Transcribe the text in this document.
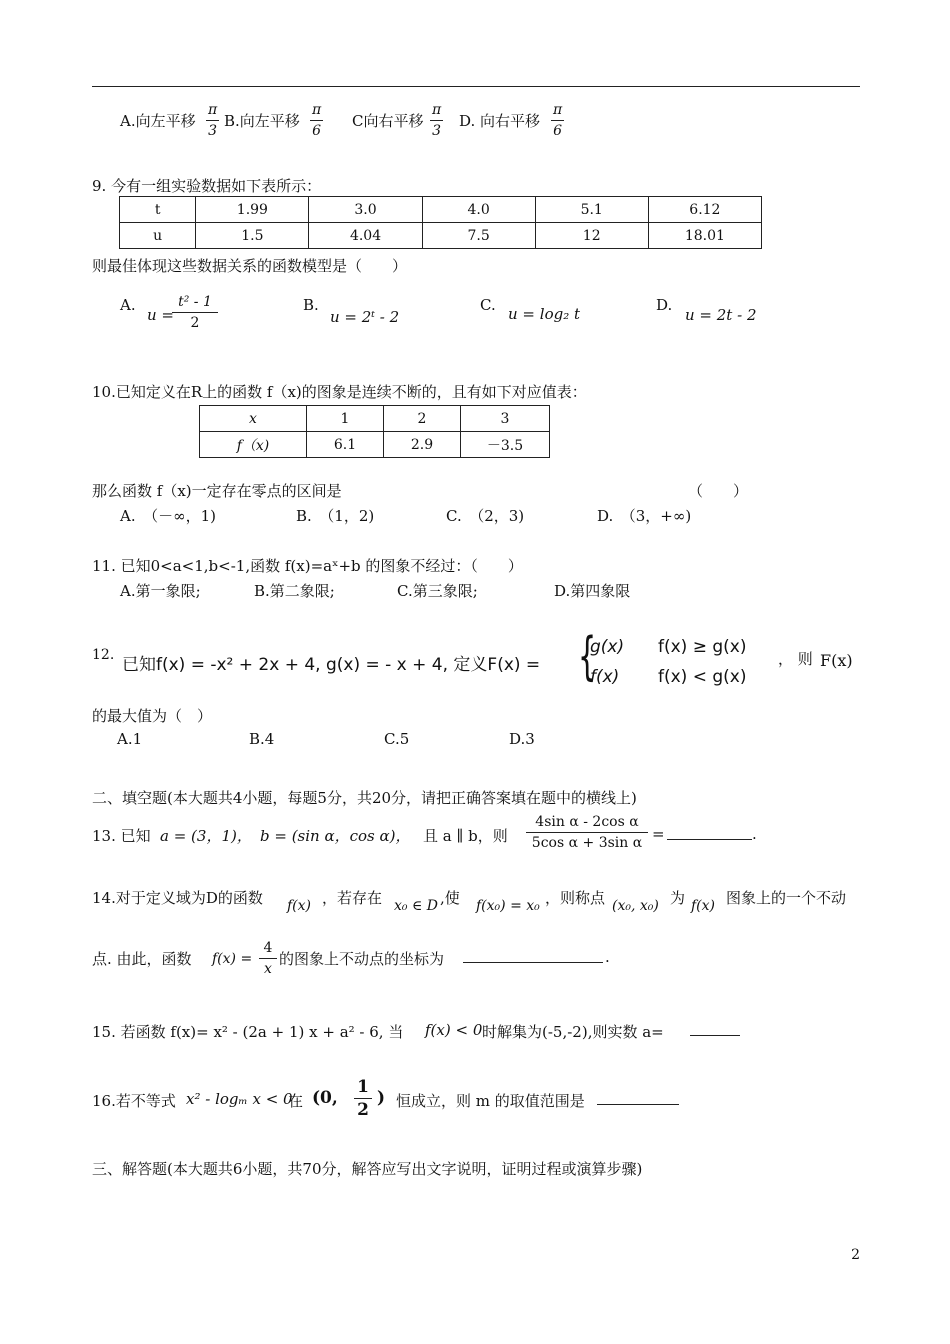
A.向左平移 $\frac{\pi}{3} B$.向左平移 $\frac{\pi}{6}$ C向右平移 $\frac{\pi}{3} D$. 向右平移 $\frac{\pi}{6}$
9. 今有一组实验数据如下表所示：
t	1.99	3.0	4.0	5.1	6.12
u	1.5	4.04	7.5	12	18.01
则最佳体现这些数据关系的函数模型是（　　）
A.
u =
$\frac{\text{t² - 1}}{2}$	B.
u = 2ᵗ - 2
C. u = log₂ t	D.
u = 2t - 2
10.已知定义在R上的函数 f（x)的图象是连续不断的，且有如下对应值表：
x	1	2	3
f（x)	6.1	2.9	－3.5
那么函数 f（x)一定存在零点的区间是	（　　）
A.　（－∞，1)	B.　（1，2)	C.　（2，3)	D.　（3，+∞)
11. 已知0<a<1,b<-1,函数 f(x)=aˣ+b 的图象不经过：（　　）
A.第一象限;	B.第二象限;	C.第三象限;	D.第四象限
12. 已知f(x) = -x² + 2x + 4, g(x) = - x + 4, 定义F(x) = {
g(x) f(x) ≥ g(x)
f(x) f(x) < g(x)
， 则 F(x)
的最大值为（　）
A.1	B.4	C.5	D.3
二、填空题(本大题共4小题，每题5分，共20分，请把正确答案填在题中的横线上)
13. 已知 a = (3，1)， b = (sin α，cos α)， 且 a ∥ b，则 $\frac{\text{4sin α - 2cos α}}{\text{5cos α + 3sin α}}$ =	.
14.对于定义域为D的函数 f(x) ，若存在 x₀ ∈ D ,使 f(x₀) = x₀ ，则称点 (x₀, x₀) 为 f(x) 图象上的一个不动
点. 由此，函数 $f(x) = \frac{4}{x}$ 的图象上不动点的坐标为	.
15. 若函数 f(x)= x² - (2a + 1) x + a² - 6, 当 f(x) < 0 时解集为(-5,-2),则实数 a=
16.若不等式 x² - logₘ x < 0
在 (0, $\frac{1}{2}$ ) 恒成立，则 m 的取值范围是
三、解答题(本大题共6小题，共70分，解答应写出文字说明，证明过程或演算步骤)
2
